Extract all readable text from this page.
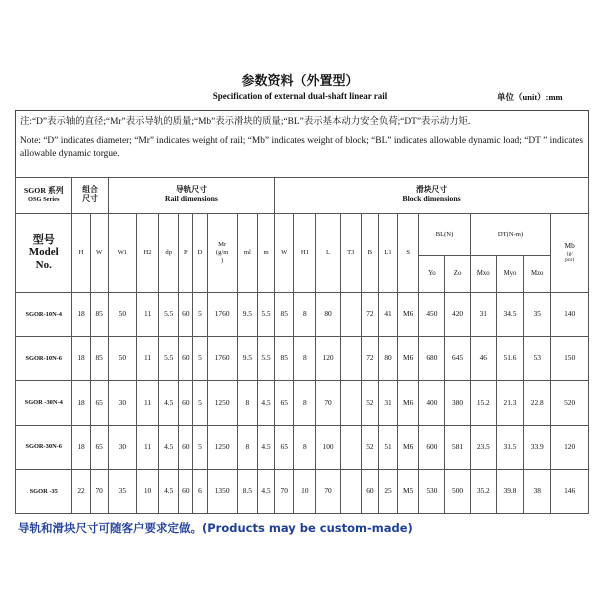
参数资料（外置型）
Specification of external dual-shaft linear rail	单位（unit）:mm

注:“D”表示轴的直径;“Mr”表示导轨的质量;“Mb”表示滑块的质量;“BL”表示基本动力安全负荷;“DT”表示动力矩.

Note: “D” indicates diameter; “Mr” indicates weight of rail; “Mb” indicates weight of block; “BL” indicates allowable dynamic load; “DT ” indicates allowable dynamic torgue.

SGOR 系列
OSG Series	组合
尺寸		导轨尺寸
Rail dimensions								滑块尺寸
Block dimensions												

型号
Model
No.	H	W	W1	H2	dp	P	D	Mr
(g/m
)	ml	m	W	H1	L	T3	B	L1	S	BL(N)		DT(N-m)			Mb
(g/
pcs)

																		Yo	Zo	Mxo	Myo	Mzo	
SGOR-10N-4	18	85	50	11	5.5	60	5	1760	9.5	5.5	85	8	80		72	41	M6	450	420	31	34.5	35	140
SGOR-10N-6	18	85	50	11	5.5	60	5	1760	9.5	5.5	85	8	120		72	80	M6	680	645	46	51.6	53	150
SGOR -30N-4	18	65	30	11	4.5	60	5	1250	8	4.5	65	8	70		52	31	M6	400	380	15.2	21.3	22.8	520
SGOR-30N-6	18	65	30	11	4.5	60	5	1250	8	4.5	65	8	100		52	51	M6	600	581	23.5	31.5	33.9	120
SGOR -35	22	70	35	10	4.5	60	6	1350	8.5	4.5	70	10	70		60	25	M5	530	500	35.2	39.8	38	146
导轨和滑块尺寸可随客户要求定做。(Products may be custom-made)
